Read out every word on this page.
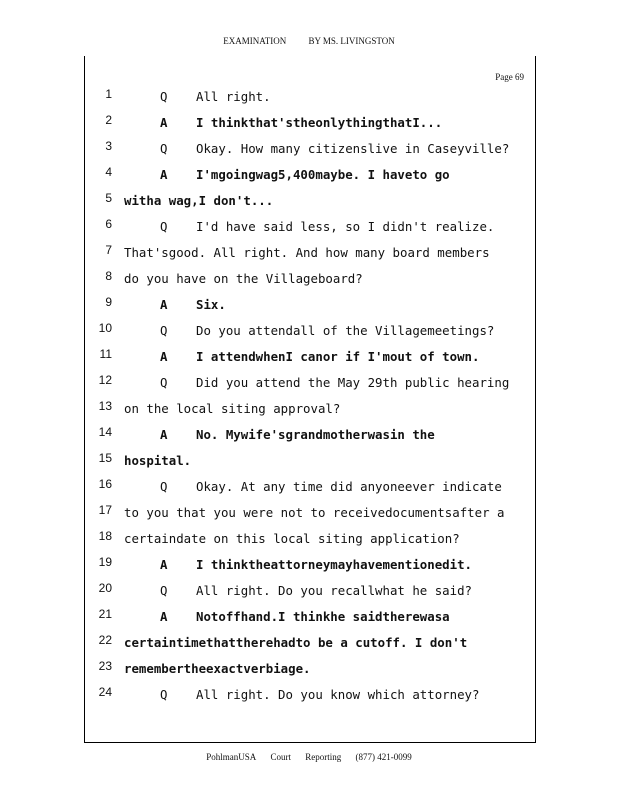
EXAMINATION BY MS. LIVINGSTON
Page 69
1	Q All right.
2	A I thinkthat'stheonlythingthatI...
3	Q Okay. How many citizenslive in Caseyville?
4	A I'mgoingwag5,400maybe. I haveto go
5 witha wag,I don't...
6	Q I'd have said less, so I didn't realize.
7 That'sgood. All right. And how many board members
8 do you have on the Villageboard?
9	A Six.
10	Q Do you attendall of the Villagemeetings?
11	A I attendwhenI canor if I'mout of town.
12	Q Did you attend the May 29th public hearing
13 on the local siting approval?
14	A No. Mywife'sgrandmotherwasin the
15 hospital.
16	Q Okay. At any time did anyoneever indicate
17 to you that you were not to receivedocumentsafter a
18 certaindate on this local siting application?
19	A I thinktheattorneymayhavementionedit.
20	Q All right. Do you recallwhat he said?
21	A Notoffhand.I thinkhe saidtherewasa
22 certaintimethattherehadto be a cutoff. I don't
23 remembertheexactverbiage.
24	Q All right. Do you know which attorney?
PohlmanUSA Court Reporting (877) 421-0099
